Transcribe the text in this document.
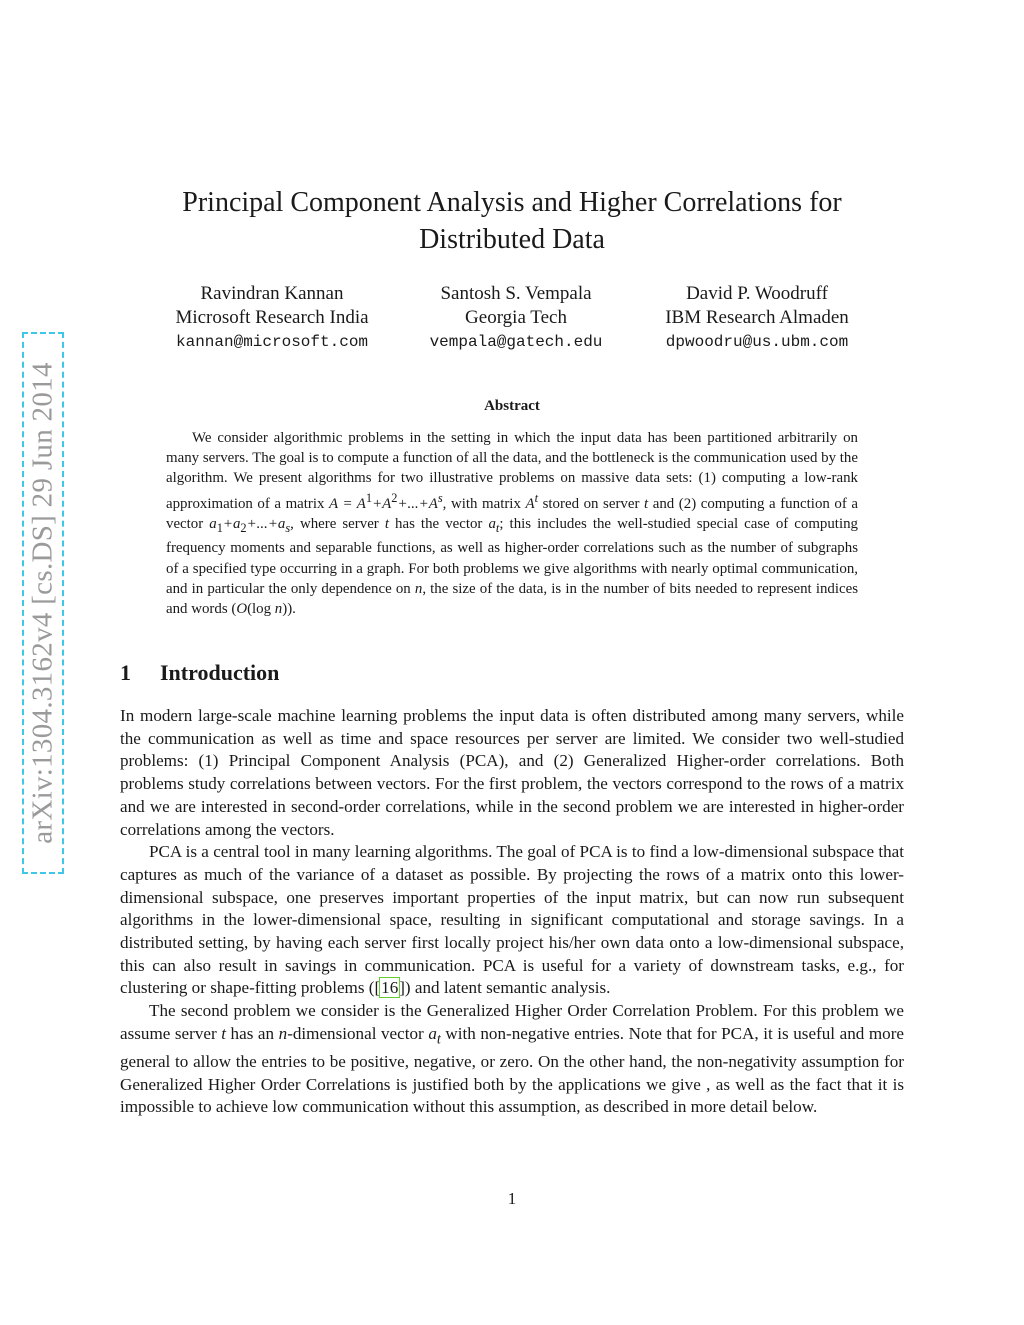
arXiv:1304.3162v4 [cs.DS] 29 Jun 2014
Principal Component Analysis and Higher Correlations for Distributed Data
Ravindran Kannan
Microsoft Research India
kannan@microsoft.com
Santosh S. Vempala
Georgia Tech
vempala@gatech.edu
David P. Woodruff
IBM Research Almaden
dpwoodru@us.ubm.com
Abstract

We consider algorithmic problems in the setting in which the input data has been partitioned arbitrarily on many servers. The goal is to compute a function of all the data, and the bottleneck is the communication used by the algorithm. We present algorithms for two illustrative problems on massive data sets: (1) computing a low-rank approximation of a matrix $A = A^1+A^2+...+A^s$, with matrix $A^t$ stored on server t and (2) computing a function of a vector $a_1+a_2+...+a_s$, where server t has the vector $a_t$; this includes the well-studied special case of computing frequency moments and separable functions, as well as higher-order correlations such as the number of subgraphs of a specified type occurring in a graph. For both problems we give algorithms with nearly optimal communication, and in particular the only dependence on n, the size of the data, is in the number of bits needed to represent indices and words (O(log n)).

1 Introduction

In modern large-scale machine learning problems the input data is often distributed among many servers, while the communication as well as time and space resources per server are limited. We consider two well-studied problems: (1) Principal Component Analysis (PCA), and (2) Generalized Higher-order correlations. Both problems study correlations between vectors. For the first problem, the vectors correspond to the rows of a matrix and we are interested in second-order correlations, while in the second problem we are interested in higher-order correlations among the vectors.

PCA is a central tool in many learning algorithms. The goal of PCA is to find a low-dimensional subspace that captures as much of the variance of a dataset as possible. By projecting the rows of a matrix onto this lower-dimensional subspace, one preserves important properties of the input matrix, but can now run subsequent algorithms in the lower-dimensional space, resulting in significant computational and storage savings. In a distributed setting, by having each server first locally project his/her own data onto a low-dimensional subspace, this can also result in savings in communication. PCA is useful for a variety of downstream tasks, e.g., for clustering or shape-fitting problems ([16]) and latent semantic analysis.

The second problem we consider is the Generalized Higher Order Correlation Problem. For this problem we assume server t has an n-dimensional vector $a_t$ with non-negative entries. Note that for PCA, it is useful and more general to allow the entries to be positive, negative, or zero. On the other hand, the non-negativity assumption for Generalized Higher Order Correlations is justified both by the applications we give , as well as the fact that it is impossible to achieve low communication without this assumption, as described in more detail below.

1
